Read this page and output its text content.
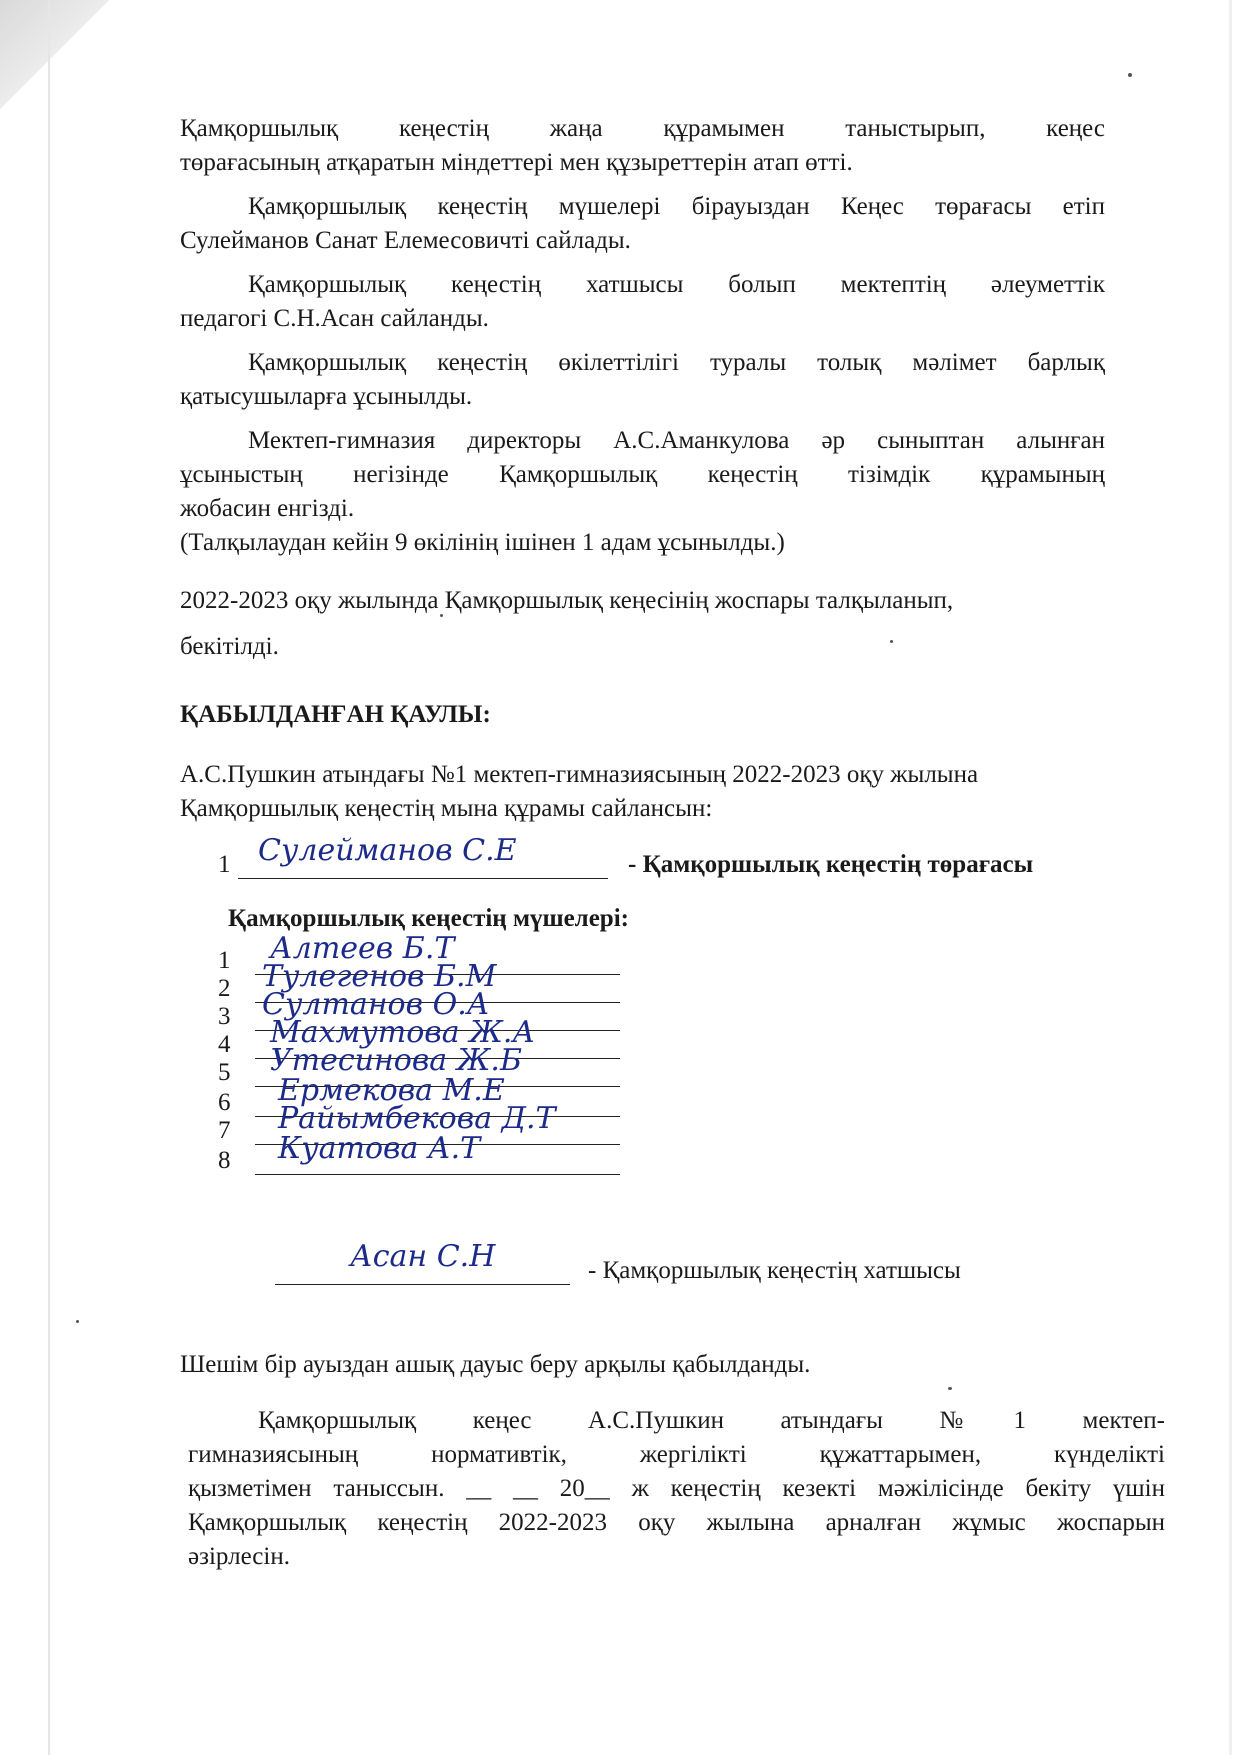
Қамқоршылық кеңестің жаңа құрамымен таныстырып, кеңес
төрағасының атқаратын міндеттері мен құзыреттерін атап өтті.
Қамқоршылық кеңестің мүшелері бірауыздан Кеңес төрағасы етіп
Сулейманов Санат Елемесовичті сайлады.
Қамқоршылық кеңестің хатшысы болып мектептің әлеуметтік
педагогі С.Н.Асан сайланды.
Қамқоршылық кеңестің өкілеттілігі туралы толық мәлімет барлық
қатысушыларға ұсынылды.
Мектеп-гимназия директоры А.С.Аманкулова әр сыныптан алынған
ұсыныстың негізінде Қамқоршылық кеңестің тізімдік құрамының
жобасин енгізді.
(Талқылаудан кейін 9 өкілінің ішінен 1 адам ұсынылды.)
2022-2023 оқу жылында Қамқоршылық кеңесінің жоспары талқыланып,
бекітілді.
ҚАБЫЛДАНҒАН ҚАУЛЫ:
А.С.Пушкин атындағы №1 мектеп-гимназиясының 2022-2023 оқу жылына
Қамқоршылық кеңестің мына құрамы сайлансын:
1 Сулейманов С.Е	- Қамқоршылық кеңестің төрағасы
Қамқоршылық кеңестің мүшелері:
1 Алтеев Б.Т
2 Тулегенов Б.М
3 Султанов О.А
4 Махмутова Ж.А
5 Утесинова Ж.Б
6 Ермекова М.Е
7 Райымбекова Д.Т
8 Куатова А.Т
Асан С.Н	- Қамқоршылық кеңестің хатшысы
Шешім бір ауыздан ашық дауыс беру арқылы қабылданды.
Қамқоршылық кеңес А.С.Пушкин атындағы №1 мектеп-
гимназиясының нормативтік, жергілікті құжаттарымен, күнделікті
қызметімен таныссын. __ __ 20__ ж кеңестің кезекті мәжілісінде бекіту үшін
Қамқоршылық кеңестің 2022-2023 оқу жылына арналған жұмыс жоспарын
әзірлесін.
